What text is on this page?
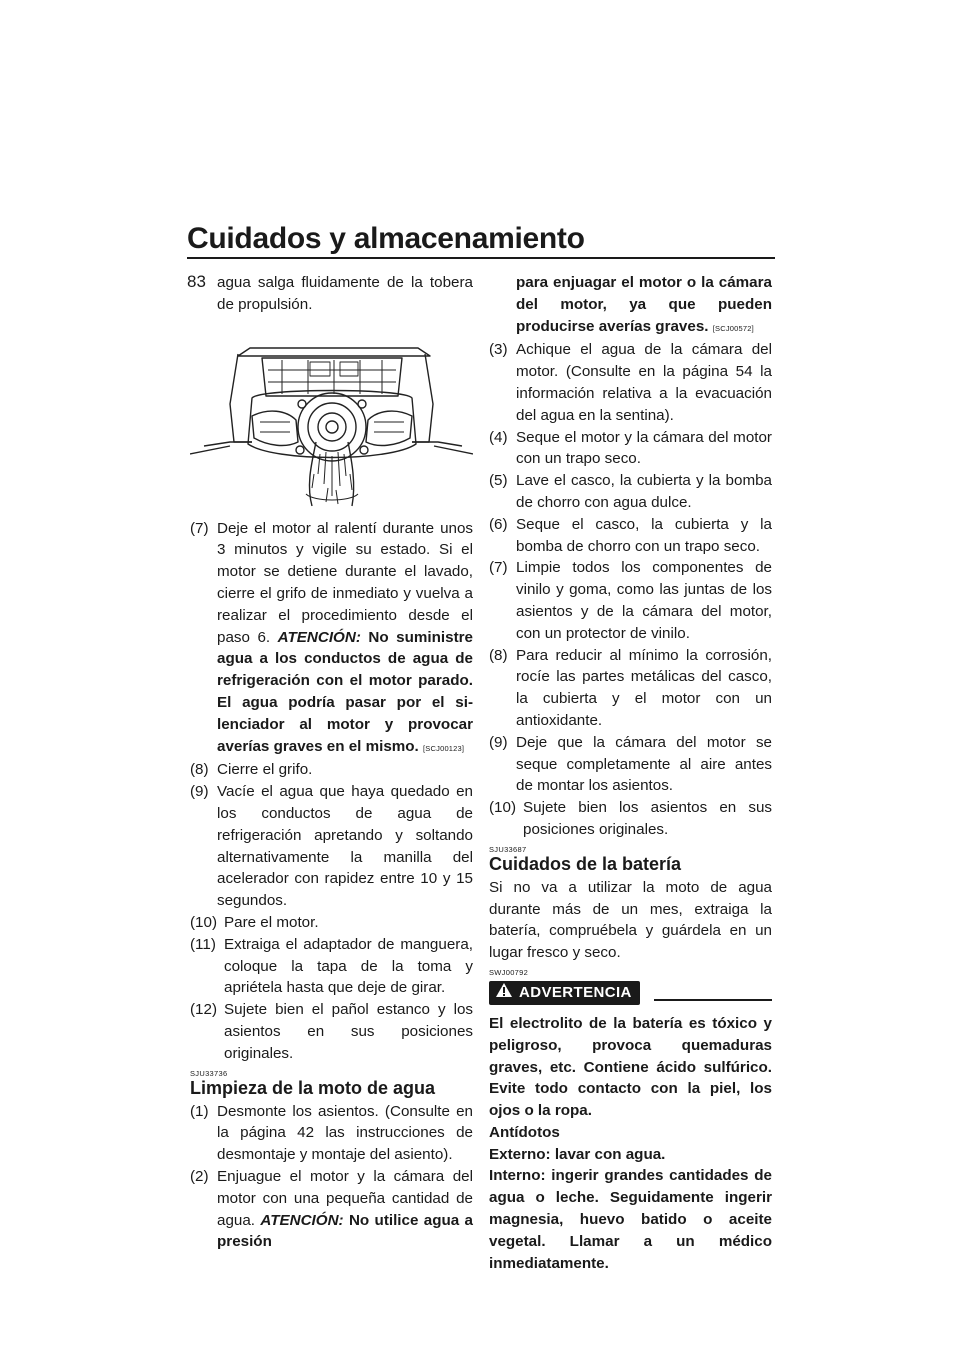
Cuidados y almacenamiento
83 agua salga fluidamente de la tobera de propulsión.

(7) Deje el motor al ralentí durante unos 3 minutos y vigile su estado. Si el motor se detiene durante el lavado, cierre el grifo de inmediato y vuelva a realizar el procedimiento desde el paso 6. ATENCIÓN: No suministre agua a los conductos de agua de refrigeración con el motor parado. El agua podría pasar por el silenciador al motor y provocar averías graves en el mismo. [SCJ00123]
(8) Cierre el grifo.
(9) Vacíe el agua que haya quedado en los conductos de agua de refrigeración apretando y soltando alternativamente la manilla del acelerador con rapidez entre 10 y 15 segundos.
(10) Pare el motor.
(11) Extraiga el adaptador de manguera, coloque la tapa de la toma y apriétela hasta que deje de girar.
(12) Sujete bien el pañol estanco y los asientos en sus posiciones originales.
SJU33736
Limpieza de la moto de agua
(1) Desmonte los asientos. (Consulte en la página 42 las instrucciones de desmontaje y montaje del asiento).
(2) Enjuague el motor y la cámara del motor con una pequeña cantidad de agua. ATENCIÓN: No utilice agua a presión

para enjuagar el motor o la cámara del motor, ya que pueden producirse averías graves. [SCJ00572]

(3) Achique el agua de la cámara del motor. (Consulte en la página 54 la información relativa a la evacuación del agua en la sentina).
(4) Seque el motor y la cámara del motor con un trapo seco.
(5) Lave el casco, la cubierta y la bomba de chorro con agua dulce.
(6) Seque el casco, la cubierta y la bomba de chorro con un trapo seco.
(7) Limpie todos los componentes de vinilo y goma, como las juntas de los asientos y de la cámara del motor, con un protector de vinilo.
(8) Para reducir al mínimo la corrosión, rocíe las partes metálicas del casco, la cubierta y el motor con un antioxidante.
(9) Deje que la cámara del motor se seque completamente al aire antes de montar los asientos.
(10) Sujete bien los asientos en sus posiciones originales.
SJU33687
Cuidados de la batería

Si no va a utilizar la moto de agua durante más de un mes, extraiga la batería, compruébela y guárdela en un lugar fresco y seco.

SWJ00792
ADVERTENCIA

El electrolito de la batería es tóxico y peligroso, provoca quemaduras graves, etc. Contiene ácido sulfúrico. Evite todo contacto con la piel, los ojos o la ropa.

Antídotos

Externo: lavar con agua.

Interno: ingerir grandes cantidades de agua o leche. Seguidamente ingerir magnesia, huevo batido o aceite vegetal. Llamar a un médico inmediatamente.
